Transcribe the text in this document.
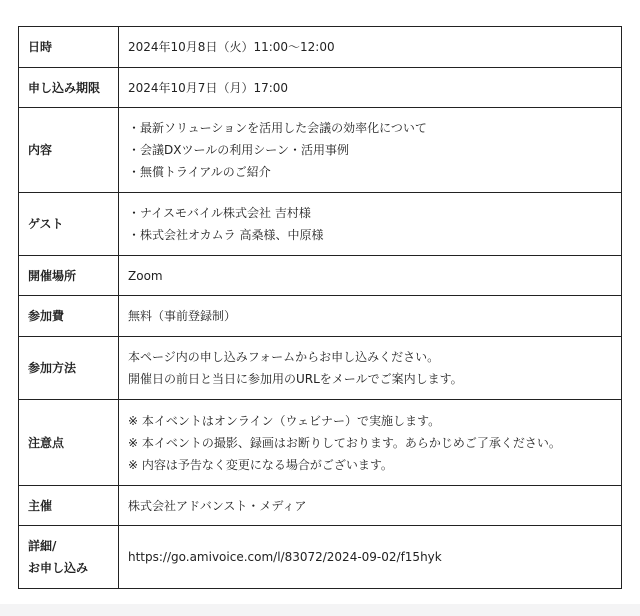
日時	2024年10月8日（火）11:00〜12:00

申し込み期限	2024年10月7日（月）17:00

内容	・最新ソリューションを活用した会議の効率化について
・会議DXツールの利用シーン・活用事例
・無償トライアルのご紹介

ゲスト	・ナイスモバイル株式会社 吉村様
・株式会社オカムラ 高桑様、中原様

開催場所	Zoom

参加費	無料（事前登録制）

参加方法	本ページ内の申し込みフォームからお申し込みください。
開催日の前日と当日に参加用のURLをメールでご案内します。

注意点	※ 本イベントはオンライン（ウェビナー）で実施します。
※ 本イベントの撮影、録画はお断りしております。あらかじめご了承ください。
※ 内容は予告なく変更になる場合がございます。

主催	株式会社アドバンスト・メディア

詳細/
お申し込み	https://go.amivoice.com/l/83072/2024-09-02/f15hyk
